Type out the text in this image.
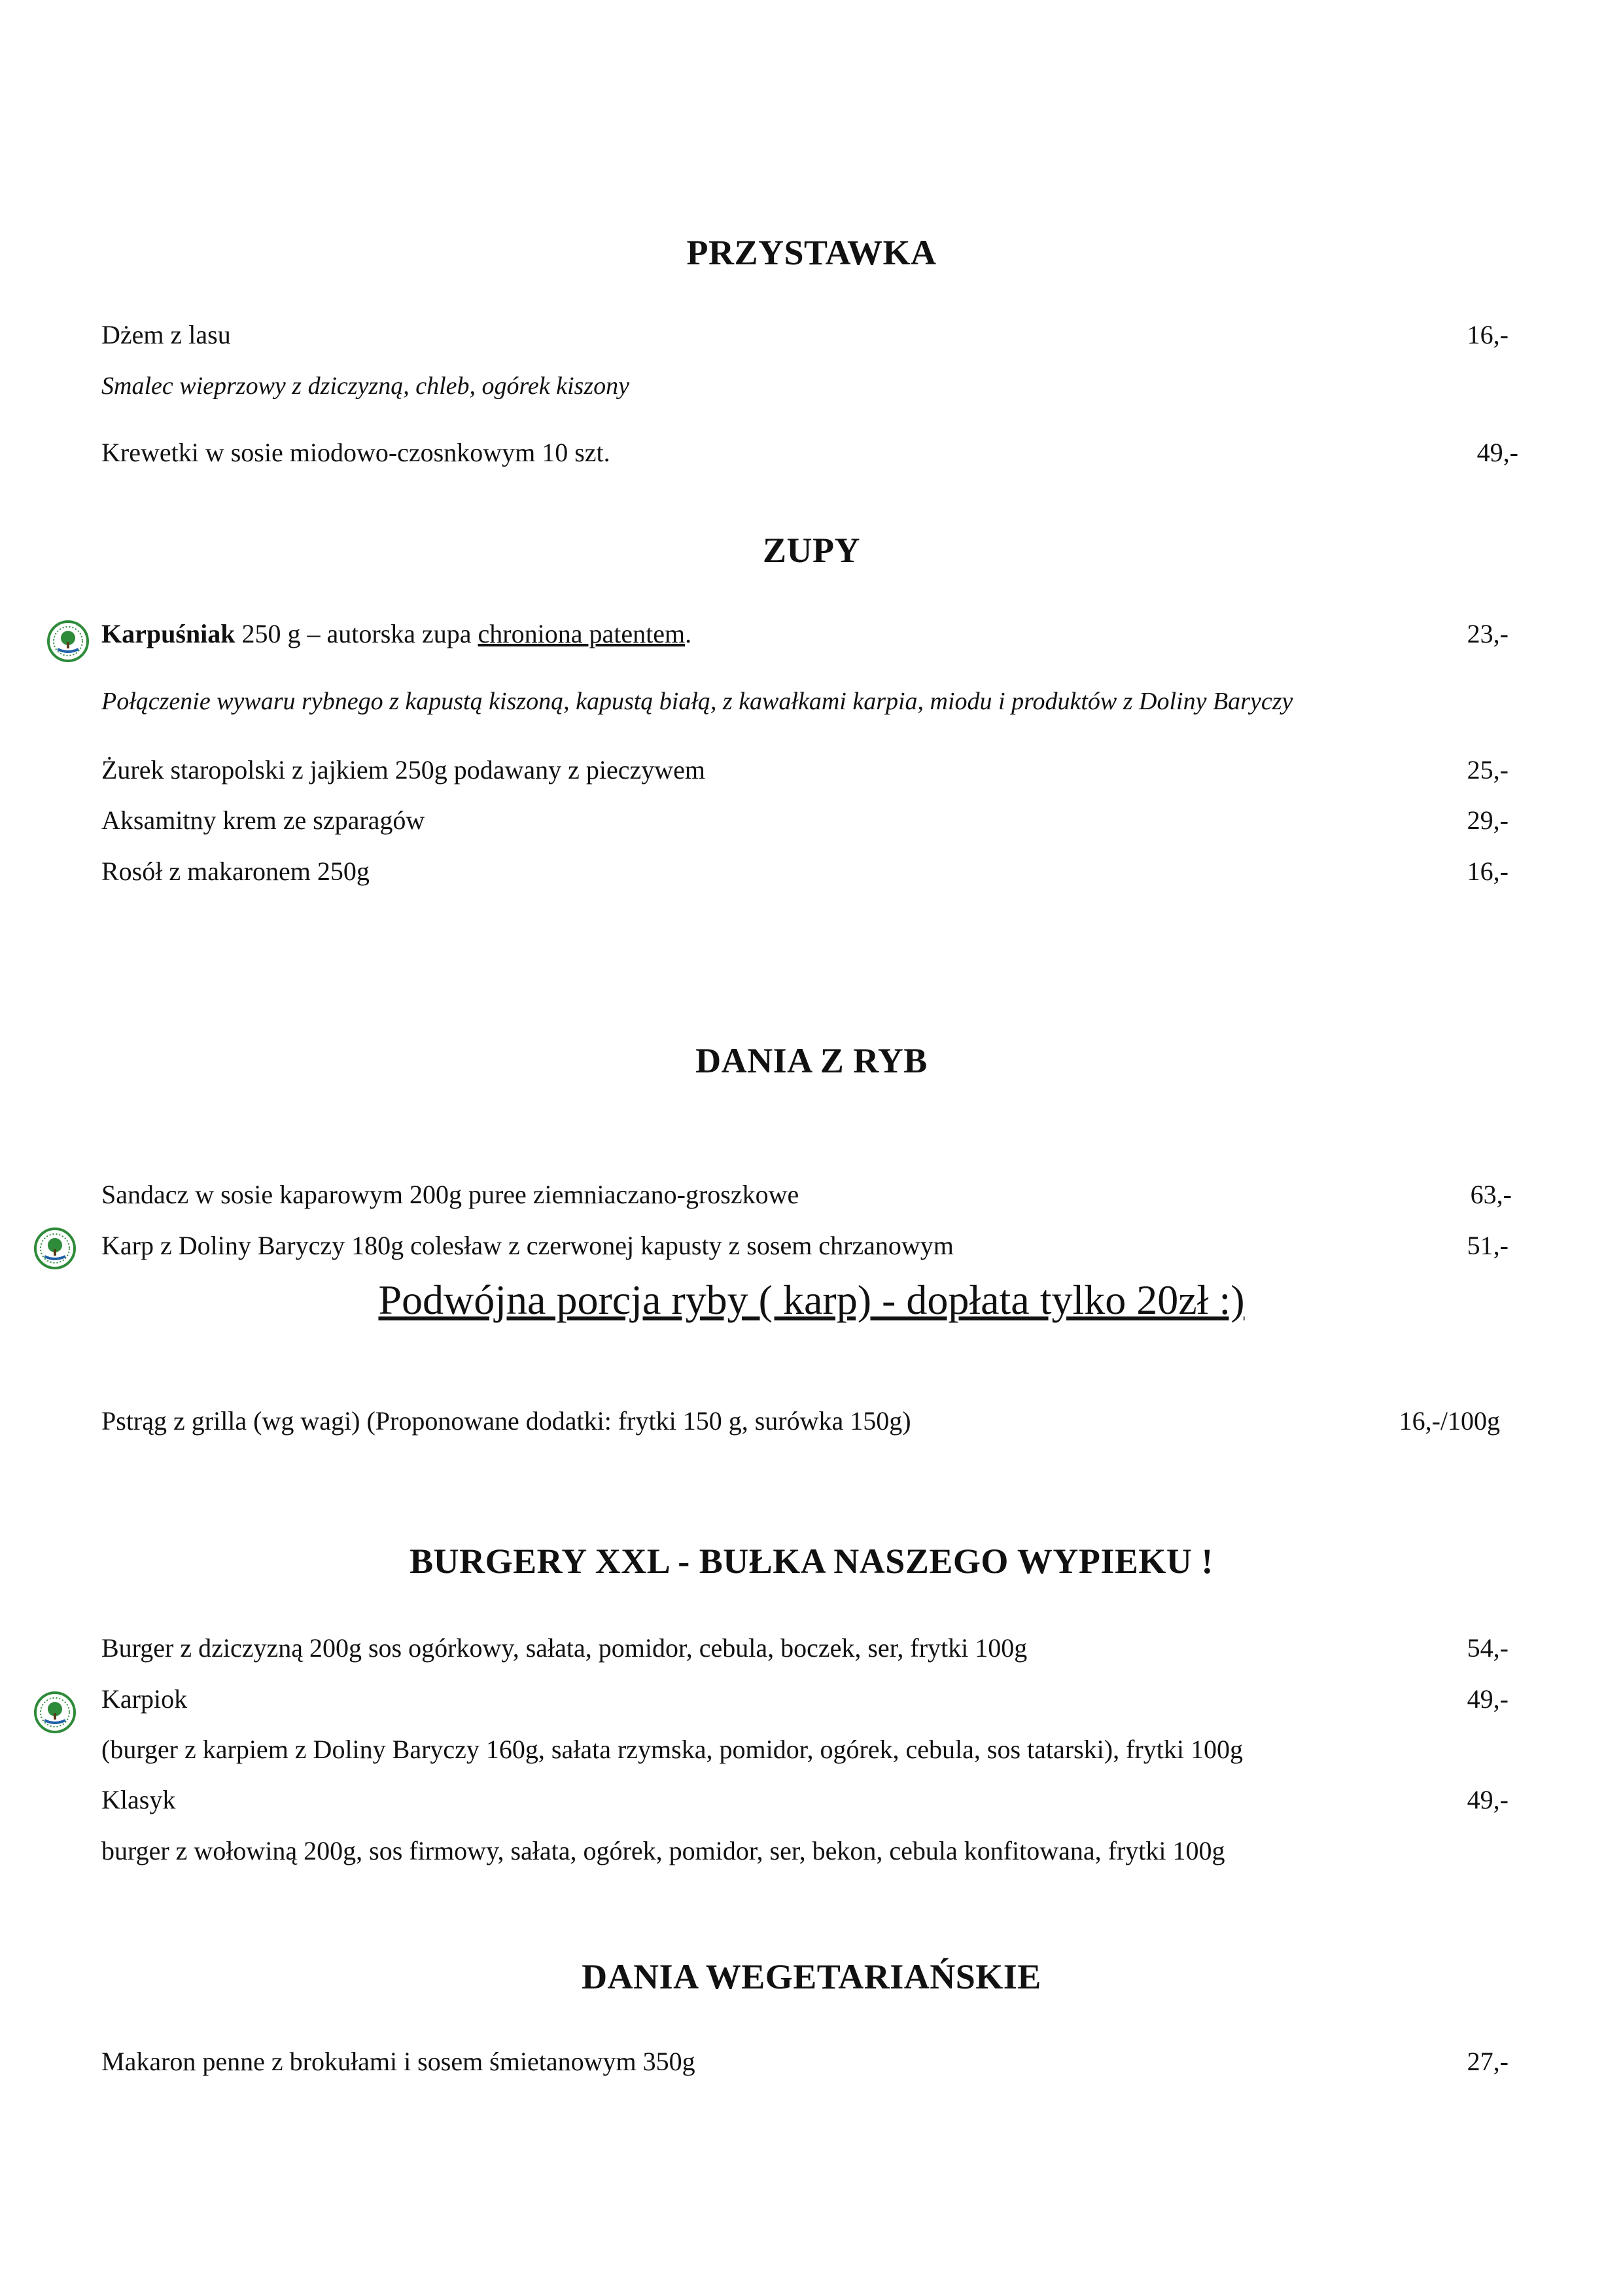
PRZYSTAWKA
Dżem z lasu	16,-
Smalec wieprzowy z dziczyzną, chleb, ogórek kiszony
Krewetki w sosie miodowo-czosnkowym 10 szt.	49,-
ZUPY
Karpuśniak 250 g – autorska zupa chroniona patentem.	23,-
Połączenie wywaru rybnego z kapustą kiszoną, kapustą białą, z kawałkami karpia, miodu i produktów z Doliny Baryczy
Żurek staropolski z jajkiem 250g podawany z pieczywem	25,-
Aksamitny krem ze szparagów	29,-
Rosół z makaronem 250g	16,-
DANIA Z RYB
Sandacz w sosie kaparowym 200g puree ziemniaczano-groszkowe	63,-
Karp z Doliny Baryczy 180g colesław z czerwonej kapusty z sosem chrzanowym	51,-
Podwójna porcja ryby ( karp) - dopłata tylko 20zł :)
Pstrąg z grilla (wg wagi) (Proponowane dodatki: frytki 150 g, surówka 150g)	16,-/100g
BURGERY XXL - BUŁKA NASZEGO WYPIEKU !
Burger z dziczyzną 200g sos ogórkowy, sałata, pomidor, cebula, boczek, ser, frytki 100g	54,-
Karpiok	49,-
(burger z karpiem z Doliny Baryczy 160g, sałata rzymska, pomidor, ogórek, cebula, sos tatarski), frytki 100g
Klasyk	49,-
burger z wołowiną 200g, sos firmowy, sałata, ogórek, pomidor, ser, bekon, cebula konfitowana, frytki 100g
DANIA WEGETARIAŃSKIE
Makaron penne z brokułami i sosem śmietanowym 350g	27,-
